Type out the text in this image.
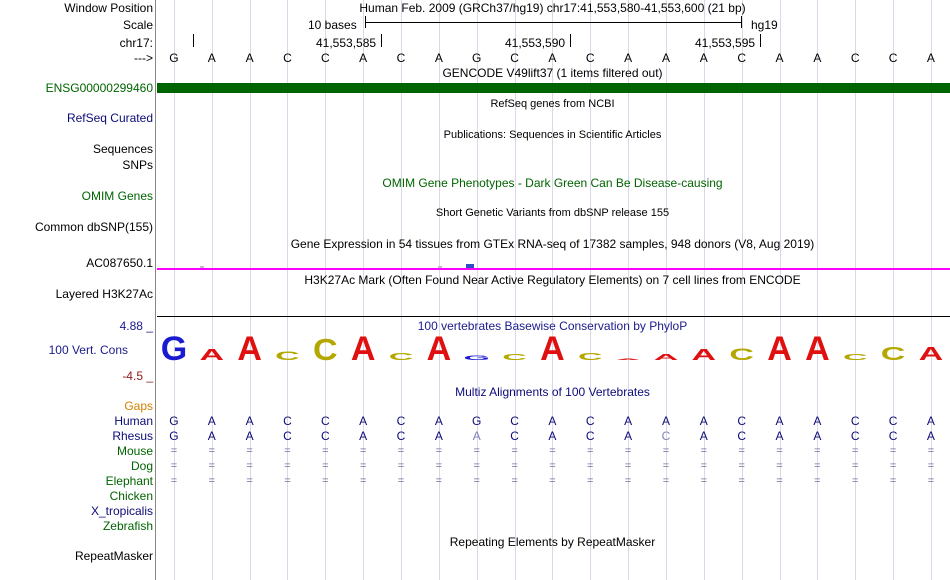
Window Position
Scale
chr17:
--->
Human Feb. 2009 (GRCh37/hg19) chr17:41,553,580-41,553,600 (21 bp)
10 bases	hg19
41,553,585	41,553,590	41,553,595
GENCODE V49lift37 (1 items filtered out)
ENSG00000299460
RefSeq genes from NCBI
RefSeq Curated
Publications: Sequences in Scientific Articles
Sequences
SNPs
OMIM Gene Phenotypes - Dark Green Can Be Disease-causing
OMIM Genes
Short Genetic Variants from dbSNP release 155
Common dbSNP(155)
Gene Expression in 54 tissues from GTEx RNA-seq of 17382 samples, 948 donors (V8, Aug 2019)
AC087650.1
H3K27Ac Mark (Often Found Near Active Regulatory Elements) on 7 cell lines from ENCODE
Layered H3K27Ac
100 vertebrates Basewise Conservation by PhyloP
4.88 _
100 Vert. Cons
-4.5 _
G A A C C A C A G C A C A A A C A A C C A
Multiz Alignments of 100 Vertebrates
Gaps
Human
Rhesus
Mouse
Dog
Elephant
Chicken
X_tropicalis
Zebrafish
G	A	A	C	C	A	C	A	G	C	A	C	A	A	A	C	A	A	C	C	A
G	A	A	C	C	A	C	A	A	C	A	C	A	C	A	C	A	A	C	C	A
=	=	=	=	=	=	=	=	=	=	=	=	=	=	=	=	=	=	=	=	=
=	=	=	=	=	=	=	=	=	=	=	=	=	=	=	=	=	=	=	=	=
=	=	=	=	=	=	=	=	=	=	=	=	=	=	=	=	=	=	=	=	=
Repeating Elements by RepeatMasker
RepeatMasker
G	A	A	C	C	A	C	A	G	C	A	C	A	A	A	C	A	A	C	C	A
